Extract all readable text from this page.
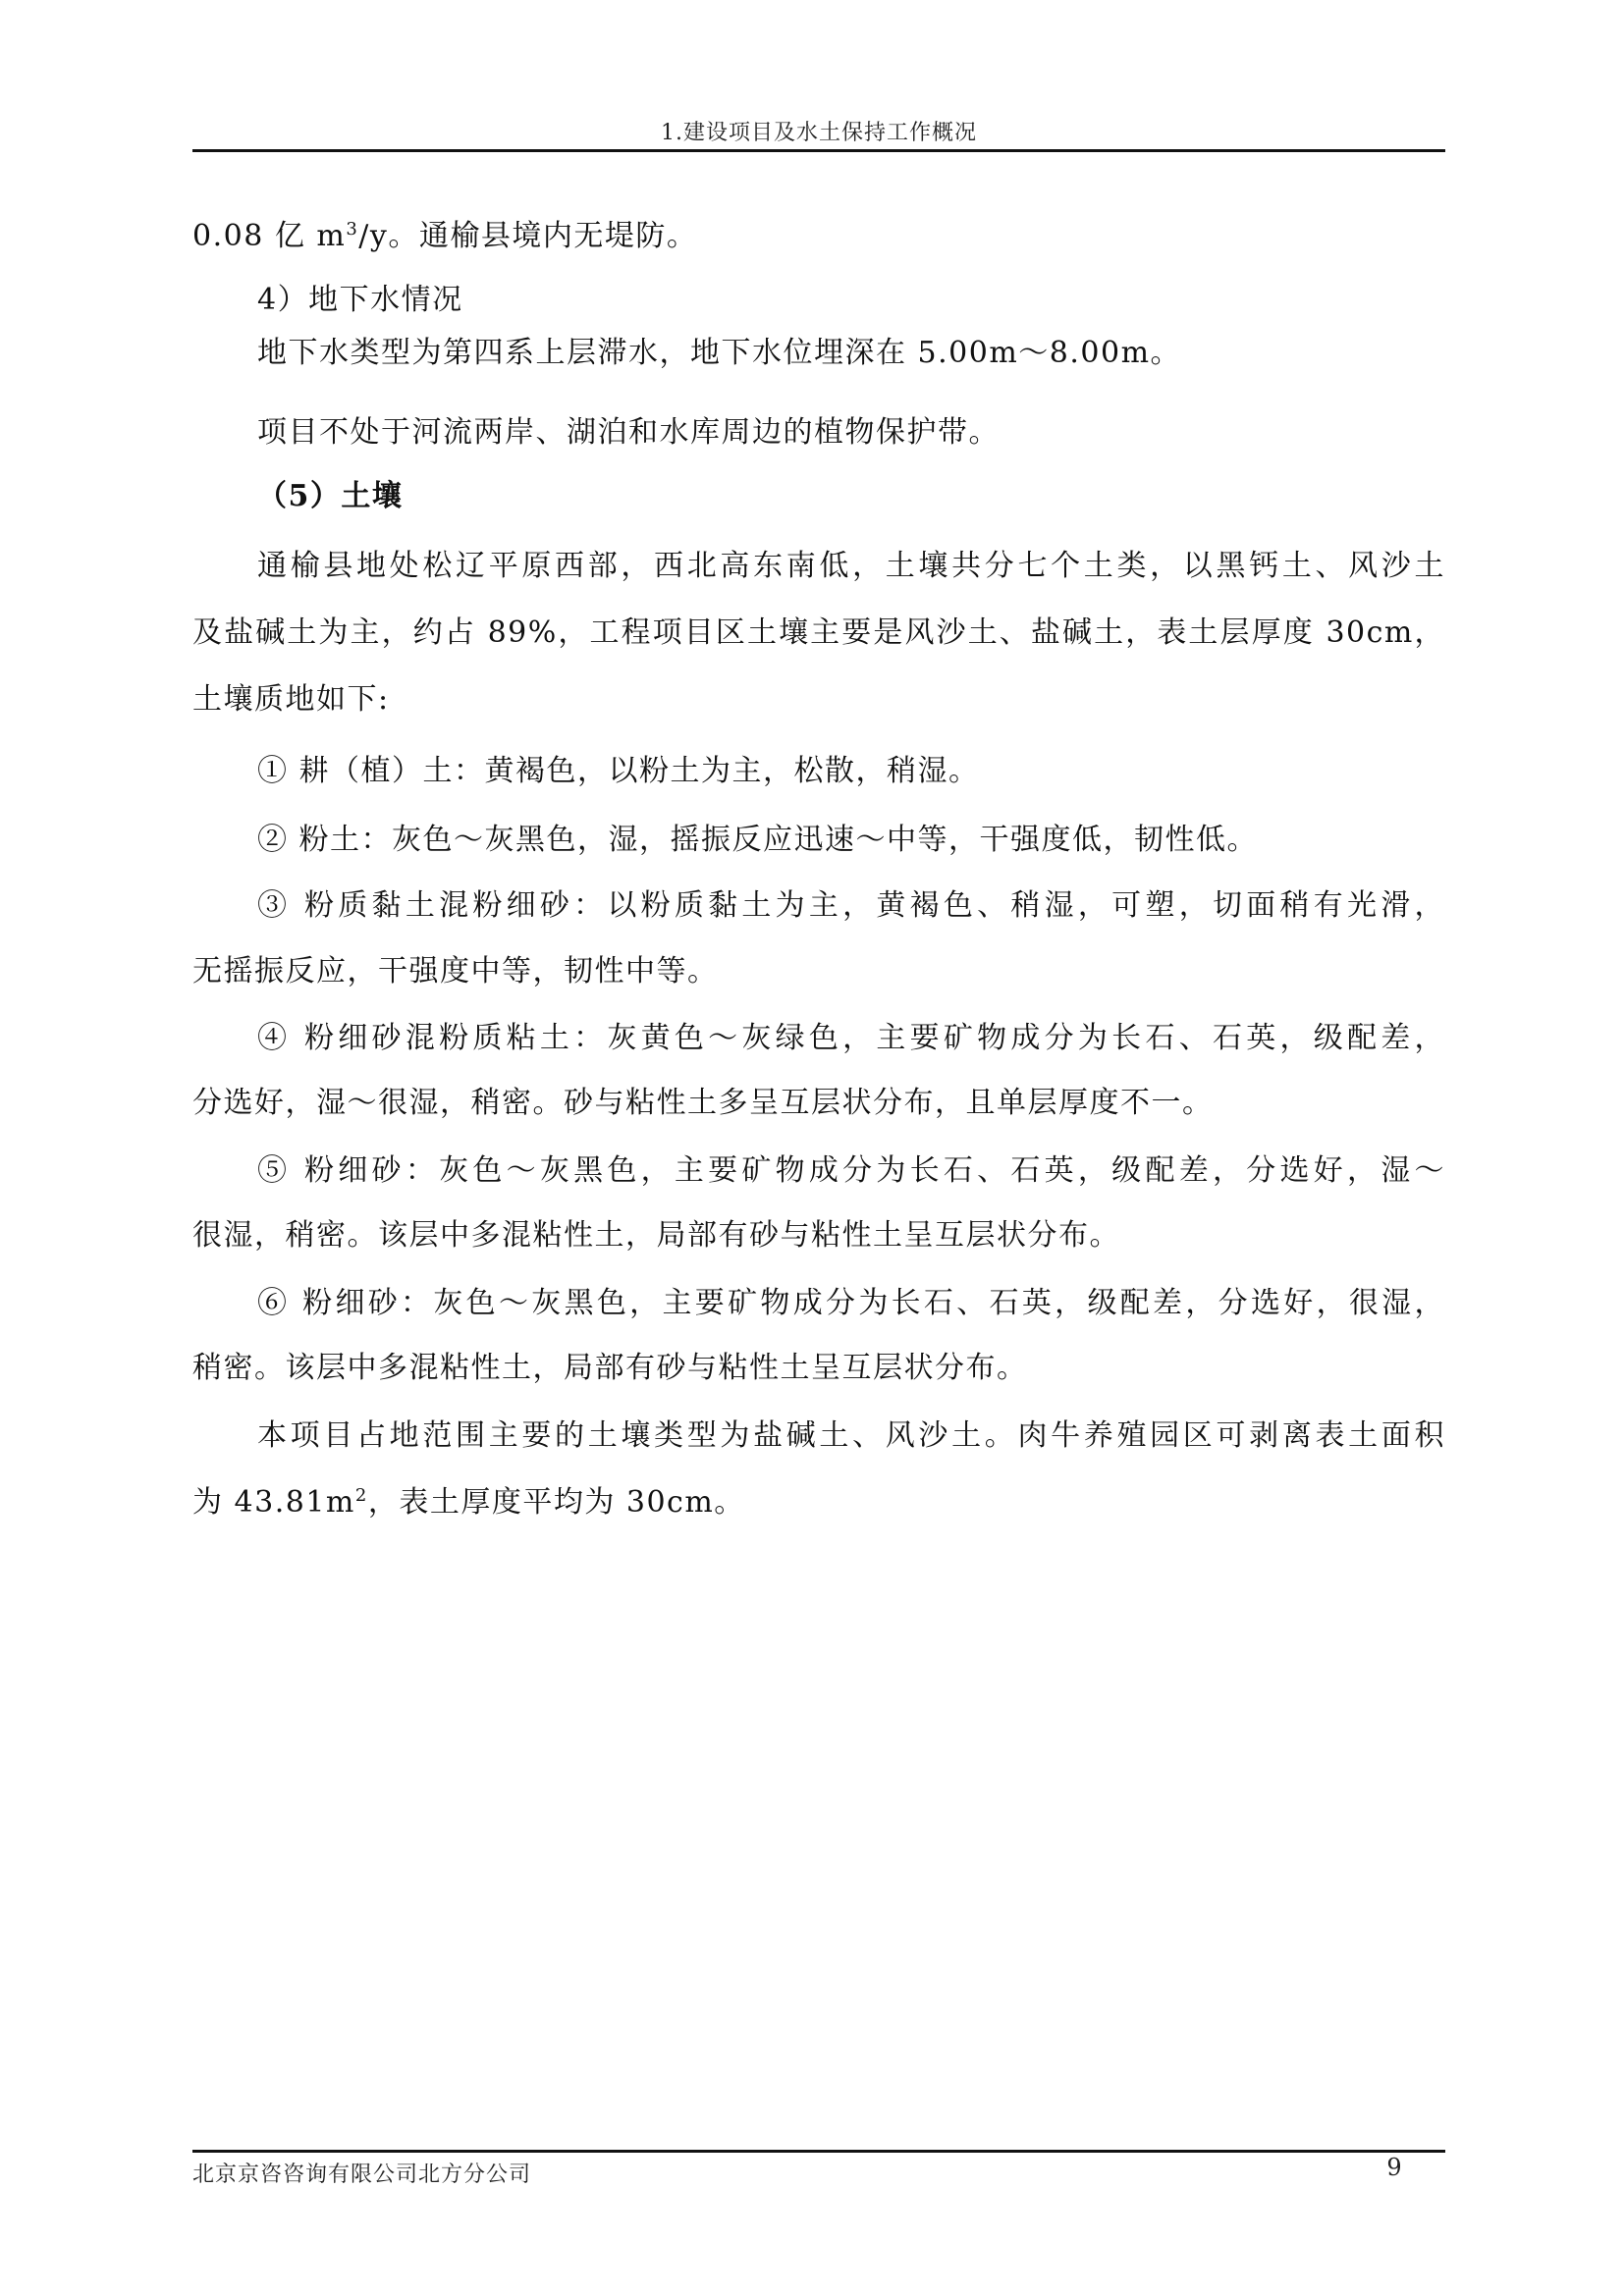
1.建设项目及水土保持工作概况
0.08 亿 $m^3/y$。通榆县境内无堤防。
4）地下水情况
地下水类型为第四系上层滞水，地下水位埋深在 5.00m～8.00m。
项目不处于河流两岸、湖泊和水库周边的植物保护带。
（5）土壤
通榆县地处松辽平原西部，西北高东南低，土壤共分七个土类，以黑钙土、风沙土
及盐碱土为主，约占 89%，工程项目区土壤主要是风沙土、盐碱土，表土层厚度 30cm，
土壤质地如下:
① 耕（植）土：黄褐色，以粉土为主，松散，稍湿。
② 粉土：灰色～灰黑色，湿，摇振反应迅速～中等，干强度低，韧性低。
③ 粉质黏土混粉细砂：以粉质黏土为主，黄褐色、稍湿，可塑，切面稍有光滑，
无摇振反应，干强度中等，韧性中等。
④ 粉细砂混粉质粘土：灰黄色～灰绿色，主要矿物成分为长石、石英，级配差，
分选好，湿～很湿，稍密。砂与粘性土多呈互层状分布，且单层厚度不一。
⑤ 粉细砂：灰色～灰黑色，主要矿物成分为长石、石英，级配差，分选好，湿～
很湿，稍密。该层中多混粘性土，局部有砂与粘性土呈互层状分布。
⑥ 粉细砂：灰色～灰黑色，主要矿物成分为长石、石英，级配差，分选好，很湿，
稍密。该层中多混粘性土，局部有砂与粘性土呈互层状分布。
本项目占地范围主要的土壤类型为盐碱土、风沙土。肉牛养殖园区可剥离表土面积
为 $43.81m^2$，表土厚度平均为 30cm。
北京京咨咨询有限公司北方分公司	9
